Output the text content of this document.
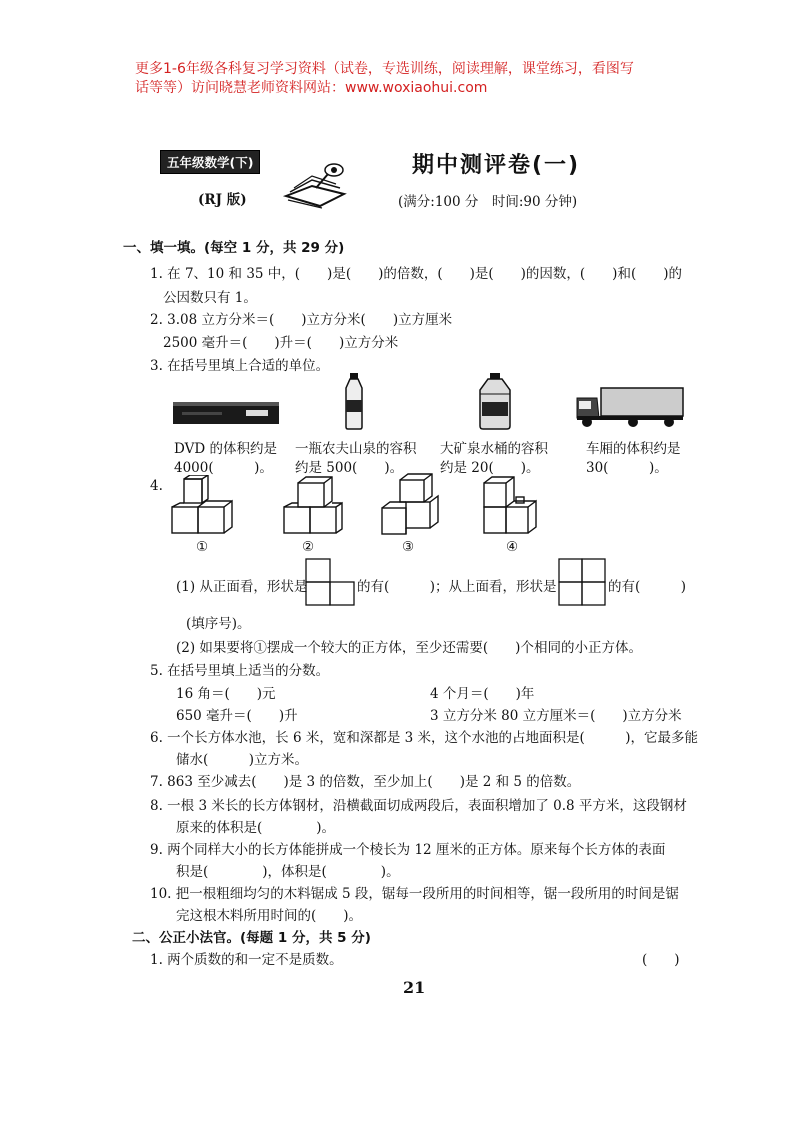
更多1-6年级各科复习学习资料（试卷，专选训练，阅读理解，课堂练习，看图写
话等等）访问晓慧老师资料网站：www.woxiaohui.com
五年级数学(下)
(RJ 版)
期中测评卷(一)
(满分:100 分　时间:90 分钟)
一、填一填。(每空 1 分，共 29 分)
1. 在 7、10 和 35 中，(　　)是(　　)的倍数，(　　)是(　　)的因数，(　　)和(　　)的
公因数只有 1。
2. 3.08 立方分米＝(　　)立方分米(　　)立方厘米
2500 毫升＝(　　)升＝(　　)立方分米
3. 在括号里填上合适的单位。
DVD 的体积约是
4000(　　　)。
一瓶农夫山泉的容积
约是 500(　　)。
大矿泉水桶的容积
约是 20(　　)。
车厢的体积约是
30(　　　)。
4.
①	②	③	④
(1) 从正面看，形状是	的有(　　　)；从上面看，形状是	的有(　　　)
(填序号)。
(2) 如果要将①摆成一个较大的正方体，至少还需要(　　)个相同的小正方体。
5. 在括号里填上适当的分数。
16 角＝(　　)元	4 个月＝(　　)年
650 毫升＝(　　)升	3 立方分米 80 立方厘米＝(　　)立方分米
6. 一个长方体水池，长 6 米，宽和深都是 3 米，这个水池的占地面积是(　　　)，它最多能
储水(　　　)立方米。
7. 863 至少减去(　　)是 3 的倍数，至少加上(　　)是 2 和 5 的倍数。
8. 一根 3 米长的长方体钢材，沿横截面切成两段后，表面积增加了 0.8 平方米，这段钢材
原来的体积是(　　　　)。
9. 两个同样大小的长方体能拼成一个棱长为 12 厘米的正方体。原来每个长方体的表面
积是(　　　　)，体积是(　　　　)。
10. 把一根粗细均匀的木料锯成 5 段，锯每一段所用的时间相等，锯一段所用的时间是锯
完这根木料所用时间的(　　)。
二、公正小法官。(每题 1 分，共 5 分)
1. 两个质数的和一定不是质数。	(　　)
21
